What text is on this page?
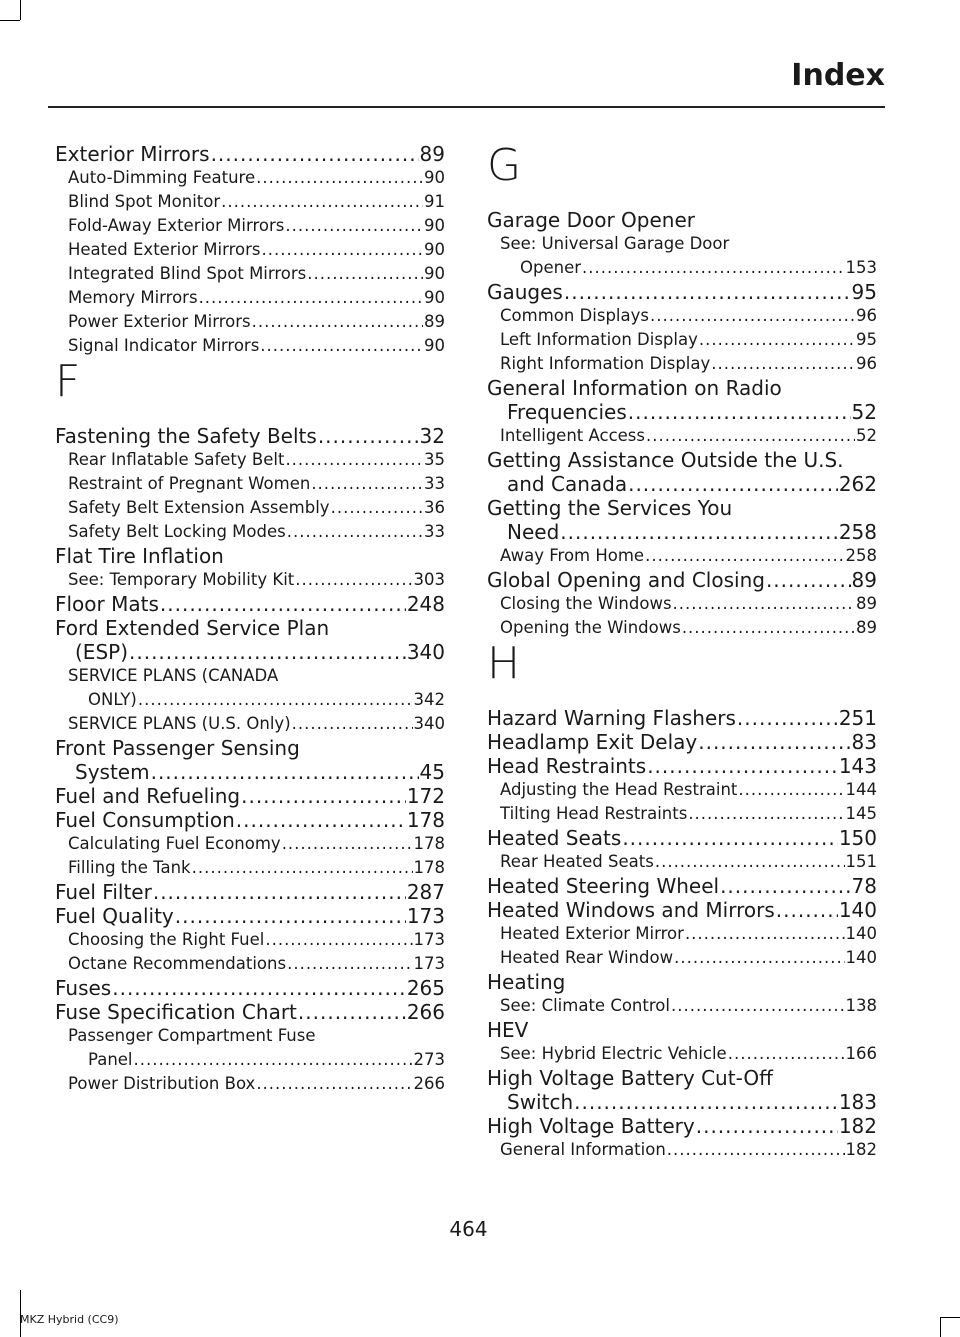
Index
Exterior Mirrors .....	89
Auto-Dimming Feature .....	90
Blind Spot Monitor .....	91
Fold-Away Exterior Mirrors .....	90
Heated Exterior Mirrors .....	90
Integrated Blind Spot Mirrors .....	90
Memory Mirrors .....	90
Power Exterior Mirrors .....	89
Signal Indicator Mirrors .....	90
F
Fastening the Safety Belts .....	32
Rear Inflatable Safety Belt .....	35
Restraint of Pregnant Women .....	33
Safety Belt Extension Assembly .....	36
Safety Belt Locking Modes .....	33
Flat Tire Inflation
See: Temporary Mobility Kit .....	303
Floor Mats .....	248
Ford Extended Service Plan
(ESP) .....	340
SERVICE PLANS (CANADA
ONLY) .....	342
SERVICE PLANS (U.S. Only) .....	340
Front Passenger Sensing
System .....	45
Fuel and Refueling .....	172
Fuel Consumption .....	178
Calculating Fuel Economy .....	178
Filling the Tank .....	178
Fuel Filter .....	287
Fuel Quality .....	173
Choosing the Right Fuel .....	173
Octane Recommendations .....	173
Fuses .....	265
Fuse Specification Chart .....	266
Passenger Compartment Fuse
Panel .....	273
Power Distribution Box .....	266
G
Garage Door Opener
See: Universal Garage Door
Opener .....	153
Gauges .....	95
Common Displays .....	96
Left Information Display .....	95
Right Information Display .....	96
General Information on Radio
Frequencies .....	52
Intelligent Access .....	52
Getting Assistance Outside the U.S.
and Canada .....	262
Getting the Services You
Need .....	258
Away From Home .....	258
Global Opening and Closing .....	89
Closing the Windows .....	89
Opening the Windows .....	89
H
Hazard Warning Flashers .....	251
Headlamp Exit Delay .....	83
Head Restraints .....	143
Adjusting the Head Restraint .....	144
Tilting Head Restraints .....	145
Heated Seats .....	150
Rear Heated Seats .....	151
Heated Steering Wheel .....	78
Heated Windows and Mirrors .....	140
Heated Exterior Mirror .....	140
Heated Rear Window .....	140
Heating
See: Climate Control .....	138
HEV
See: Hybrid Electric Vehicle .....	166
High Voltage Battery Cut-Off
Switch .....	183
High Voltage Battery .....	182
General Information .....	182
464
MKZ Hybrid (CC9)
